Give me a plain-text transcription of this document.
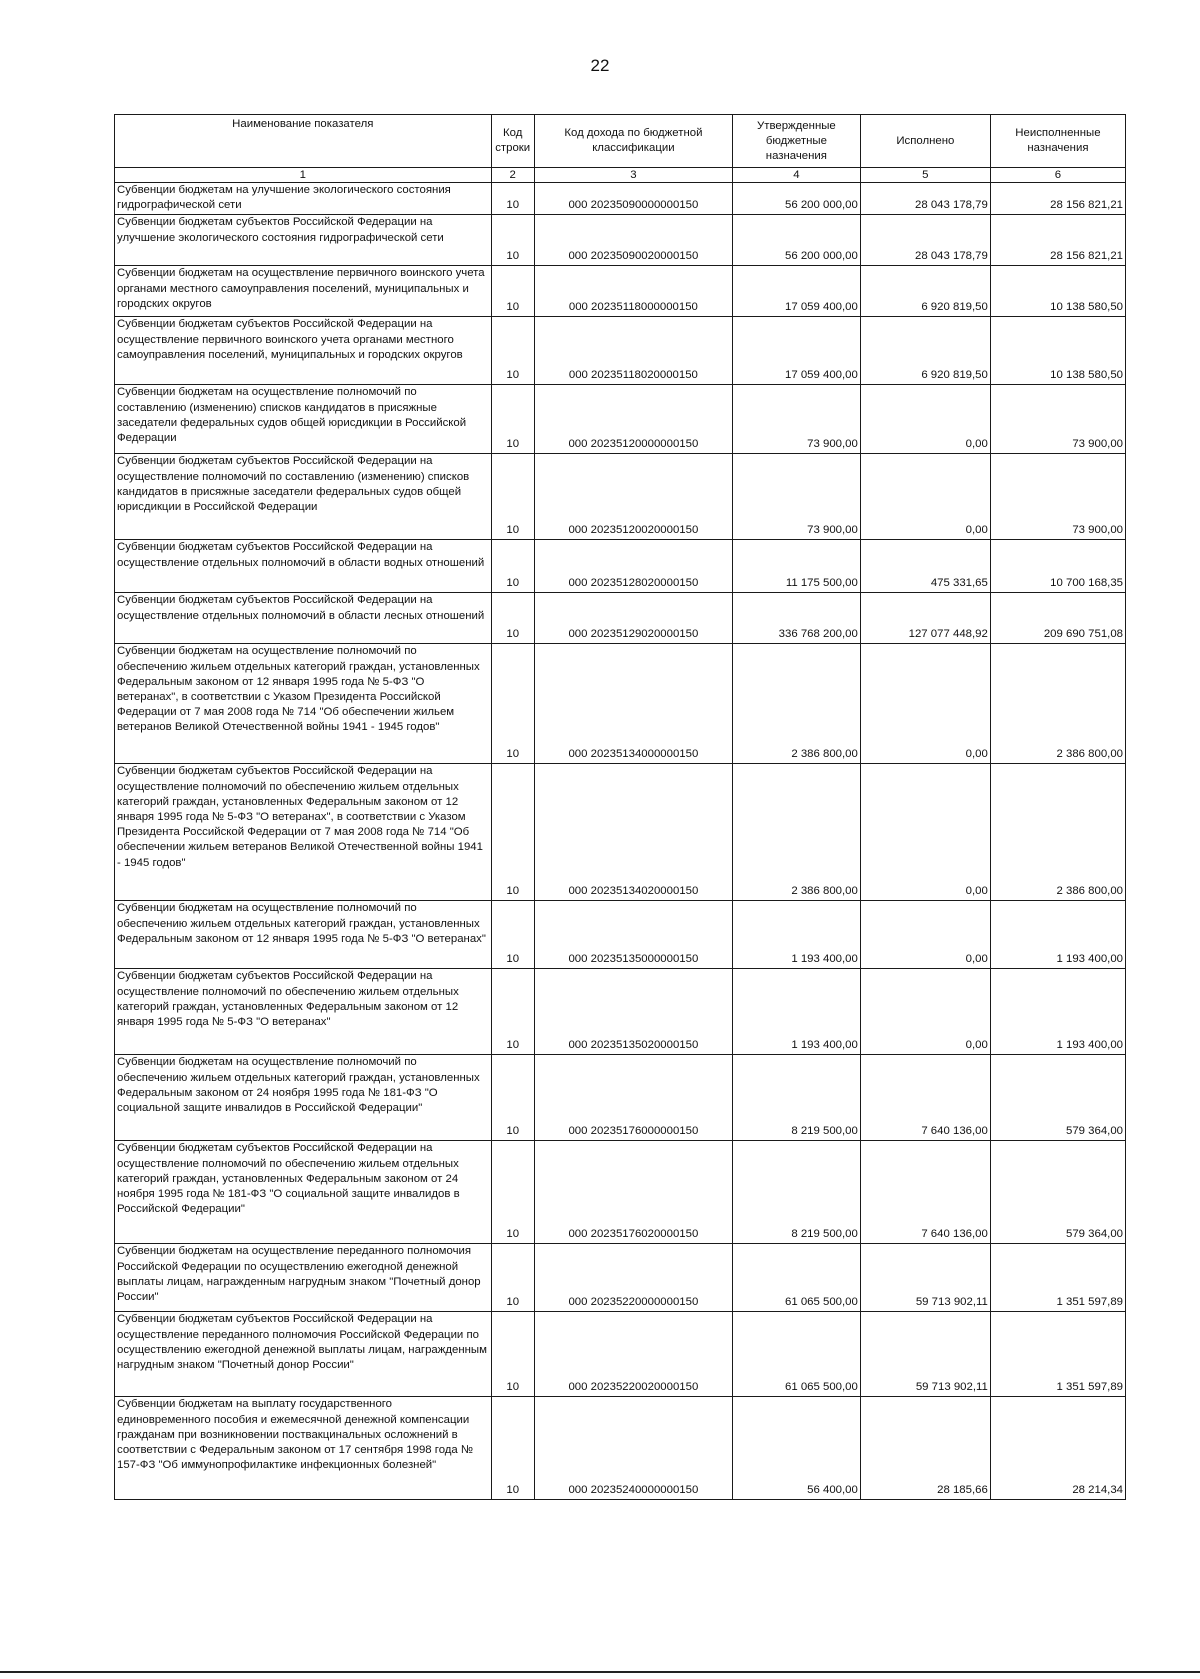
22
Наименование показателя	Код строки	Код дохода по бюджетной классификации	Утвержденные бюджетные назначения	Исполнено	Неисполненные назначения
1	2	3	4	5	6
Субвенции бюджетам на улучшение экологического состояния гидрографической сети	10	000 20235090000000150	56 200 000,00	28 043 178,79	28 156 821,21
Субвенции бюджетам субъектов Российской Федерации на улучшение экологического состояния гидрографической сети	10	000 20235090020000150	56 200 000,00	28 043 178,79	28 156 821,21
Субвенции бюджетам на осуществление первичного воинского учета органами местного самоуправления поселений, муниципальных и городских округов	10	000 20235118000000150	17 059 400,00	6 920 819,50	10 138 580,50
Субвенции бюджетам субъектов Российской Федерации на осуществление первичного воинского учета органами местного самоуправления поселений, муниципальных и городских округов	10	000 20235118020000150	17 059 400,00	6 920 819,50	10 138 580,50
Субвенции бюджетам на осуществление полномочий по составлению (изменению) списков кандидатов в присяжные заседатели федеральных судов общей юрисдикции в Российской Федерации	10	000 20235120000000150	73 900,00	0,00	73 900,00
Субвенции бюджетам субъектов Российской Федерации на осуществление полномочий по составлению (изменению) списков кандидатов в присяжные заседатели федеральных судов общей юрисдикции в Российской Федерации	10	000 20235120020000150	73 900,00	0,00	73 900,00
Субвенции бюджетам субъектов Российской Федерации на осуществление отдельных полномочий в области водных отношений	10	000 20235128020000150	11 175 500,00	475 331,65	10 700 168,35
Субвенции бюджетам субъектов Российской Федерации на осуществление отдельных полномочий в области лесных отношений	10	000 20235129020000150	336 768 200,00	127 077 448,92	209 690 751,08
Субвенции бюджетам на осуществление полномочий по обеспечению жильем отдельных категорий граждан, установленных Федеральным законом от 12 января 1995 года № 5-ФЗ "О ветеранах", в соответствии с Указом Президента Российской Федерации от 7 мая 2008 года № 714 "Об обеспечении жильем ветеранов Великой Отечественной войны 1941 - 1945 годов"	10	000 20235134000000150	2 386 800,00	0,00	2 386 800,00
Субвенции бюджетам субъектов Российской Федерации на осуществление полномочий по обеспечению жильем отдельных категорий граждан, установленных Федеральным законом от 12 января 1995 года № 5-ФЗ "О ветеранах", в соответствии с Указом Президента Российской Федерации от 7 мая 2008 года № 714 "Об обеспечении жильем ветеранов Великой Отечественной войны 1941 - 1945 годов"	10	000 20235134020000150	2 386 800,00	0,00	2 386 800,00
Субвенции бюджетам на осуществление полномочий по обеспечению жильем отдельных категорий граждан, установленных Федеральным законом от 12 января 1995 года № 5-ФЗ "О ветеранах"	10	000 20235135000000150	1 193 400,00	0,00	1 193 400,00
Субвенции бюджетам субъектов Российской Федерации на осуществление полномочий по обеспечению жильем отдельных категорий граждан, установленных Федеральным законом от 12 января 1995 года № 5-ФЗ "О ветеранах"	10	000 20235135020000150	1 193 400,00	0,00	1 193 400,00
Субвенции бюджетам на осуществление полномочий по обеспечению жильем отдельных категорий граждан, установленных Федеральным законом от 24 ноября 1995 года № 181-ФЗ "О социальной защите инвалидов в Российской Федерации"	10	000 20235176000000150	8 219 500,00	7 640 136,00	579 364,00
Субвенции бюджетам субъектов Российской Федерации на осуществление полномочий по обеспечению жильем отдельных категорий граждан, установленных Федеральным законом от 24 ноября 1995 года № 181-ФЗ "О социальной защите инвалидов в Российской Федерации"	10	000 20235176020000150	8 219 500,00	7 640 136,00	579 364,00
Субвенции бюджетам на осуществление переданного полномочия Российской Федерации по осуществлению ежегодной денежной выплаты лицам, награжденным нагрудным знаком "Почетный донор России"	10	000 20235220000000150	61 065 500,00	59 713 902,11	1 351 597,89
Субвенции бюджетам субъектов Российской Федерации на осуществление переданного полномочия Российской Федерации по осуществлению ежегодной денежной выплаты лицам, награжденным нагрудным знаком "Почетный донор России"	10	000 20235220020000150	61 065 500,00	59 713 902,11	1 351 597,89
Субвенции бюджетам на выплату государственного единовременного пособия и ежемесячной денежной компенсации гражданам при возникновении поствакцинальных осложнений в соответствии с Федеральным законом от 17 сентября 1998 года № 157-ФЗ "Об иммунопрофилактике инфекционных болезней"	10	000 20235240000000150	56 400,00	28 185,66	28 214,34
